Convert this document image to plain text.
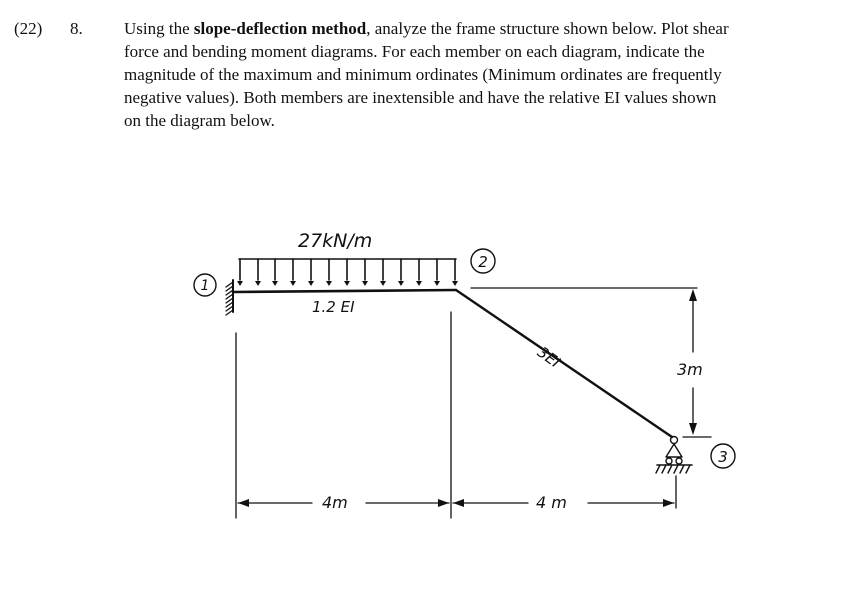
(22) 8. Using the slope-deflection method, analyze the frame structure shown below. Plot shear
force and bending moment diagrams. For each member on each diagram, indicate the
magnitude of the maximum and minimum ordinates (Minimum ordinates are frequently
negative values). Both members are inextensible and have the relative EI values shown
on the diagram below.
27kN/m
1.2 EI
3EI
4m	4 m
3m
1
2
3
